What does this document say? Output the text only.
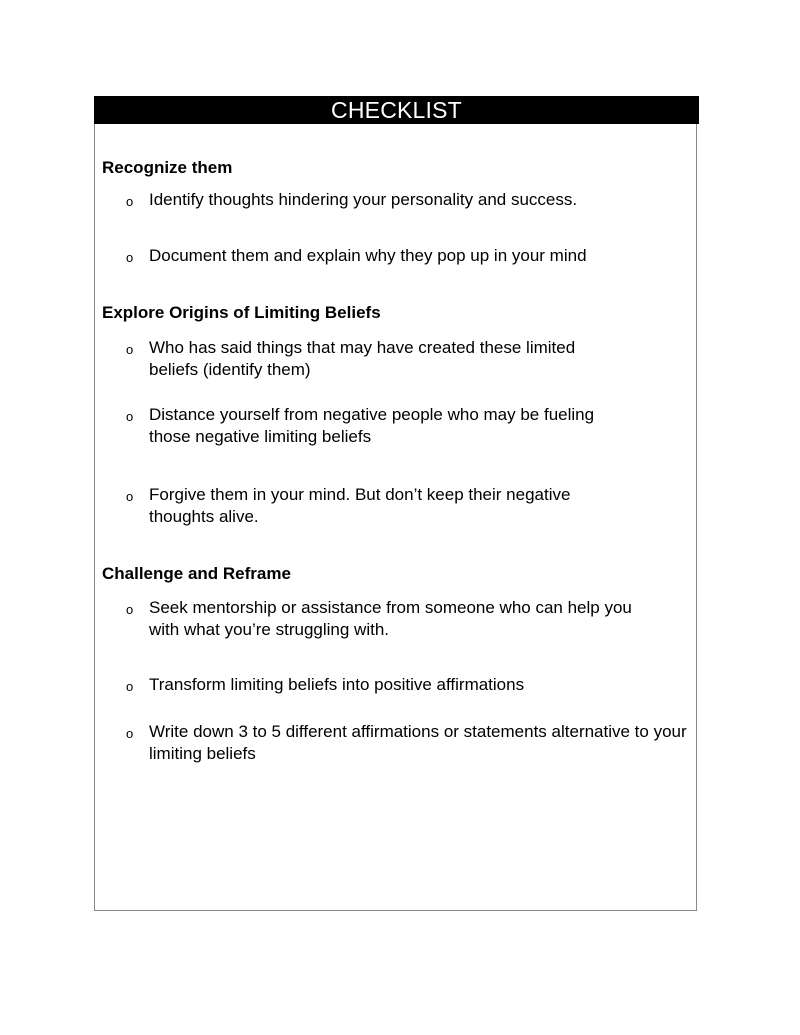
CHECKLIST
Recognize them
o Identify thoughts hindering your personality and success.
o Document them and explain why they pop up in your mind
Explore Origins of Limiting Beliefs
o Who has said things that may have created these limited beliefs (identify them)
o Distance yourself from negative people who may be fueling those negative limiting beliefs
o Forgive them in your mind. But don’t keep their negative thoughts alive.
Challenge and Reframe
o Seek mentorship or assistance from someone who can help you with what you’re struggling with.
o Transform limiting beliefs into positive affirmations
o Write down 3 to 5 different affirmations or statements alternative to your limiting beliefs
